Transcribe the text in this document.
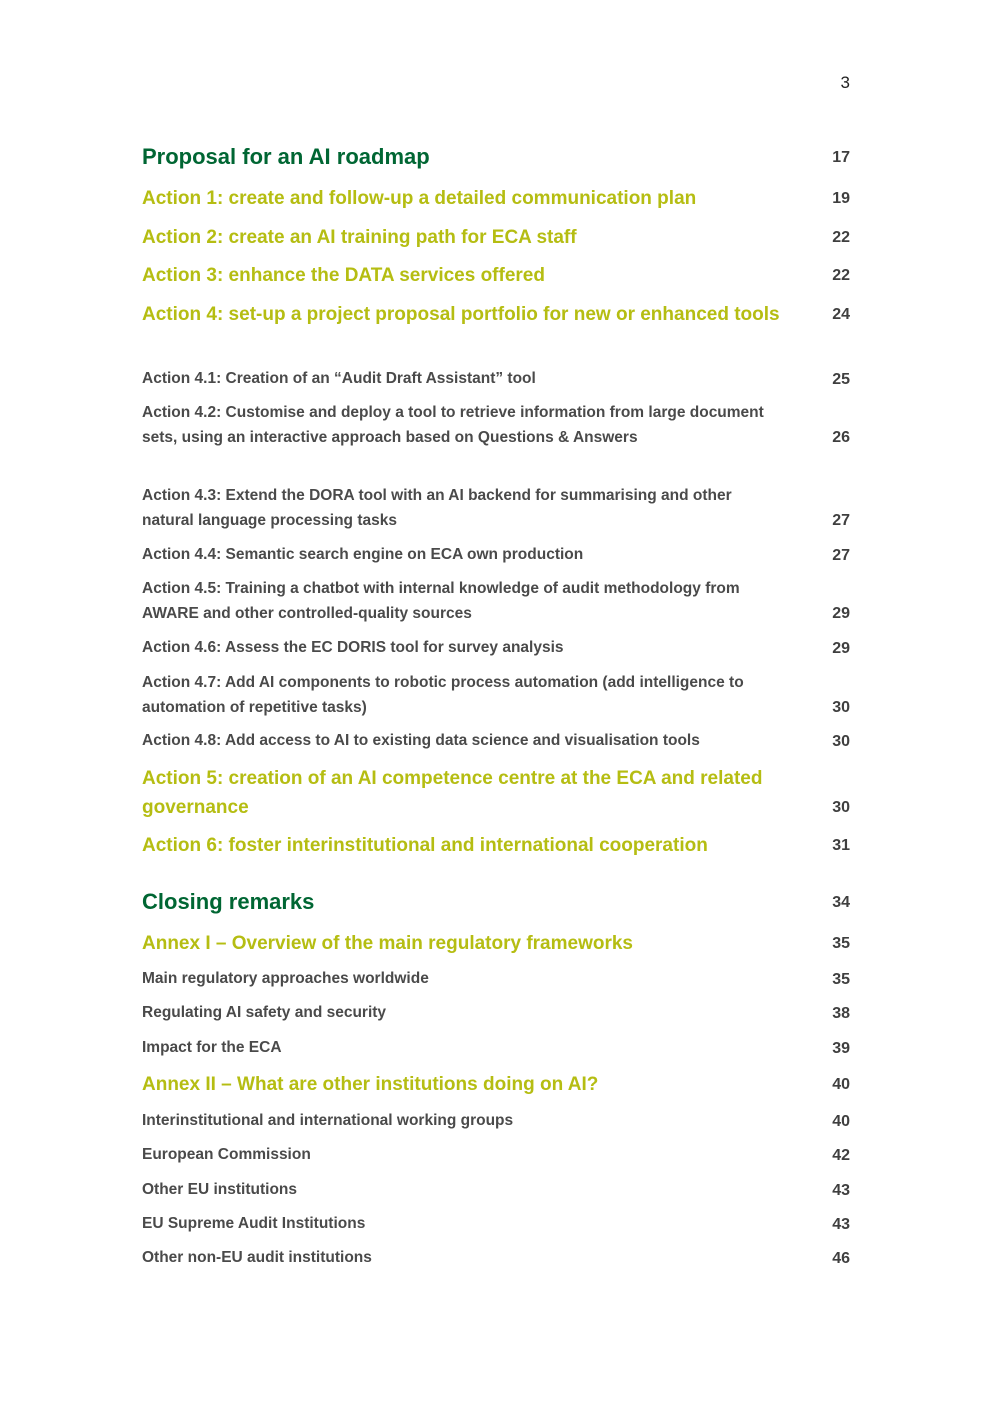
3
Proposal for an AI roadmap	17
Action 1: create and follow-up a detailed communication plan	19
Action 2: create an AI training path for ECA staff	22
Action 3: enhance the DATA services offered	22
Action 4: set-up a project proposal portfolio for new or enhanced tools	24
Action 4.1: Creation of an “Audit Draft Assistant” tool	25
Action 4.2: Customise and deploy a tool to retrieve information from large document sets, using an interactive approach based on Questions & Answers	26
Action 4.3: Extend the DORA tool with an AI backend for summarising and other natural language processing tasks	27
Action 4.4: Semantic search engine on ECA own production	27
Action 4.5: Training a chatbot with internal knowledge of audit methodology from AWARE and other controlled-quality sources	29
Action 4.6: Assess the EC DORIS tool for survey analysis	29
Action 4.7: Add AI components to robotic process automation (add intelligence to automation of repetitive tasks)	30
Action 4.8: Add access to AI to existing data science and visualisation tools	30
Action 5: creation of an AI competence centre at the ECA and related governance	30
Action 6: foster interinstitutional and international cooperation	31
Closing remarks	34
Annex I – Overview of the main regulatory frameworks	35
Main regulatory approaches worldwide	35
Regulating AI safety and security	38
Impact for the ECA	39
Annex II – What are other institutions doing on AI?	40
Interinstitutional and international working groups	40
European Commission	42
Other EU institutions	43
EU Supreme Audit Institutions	43
Other non-EU audit institutions	46
